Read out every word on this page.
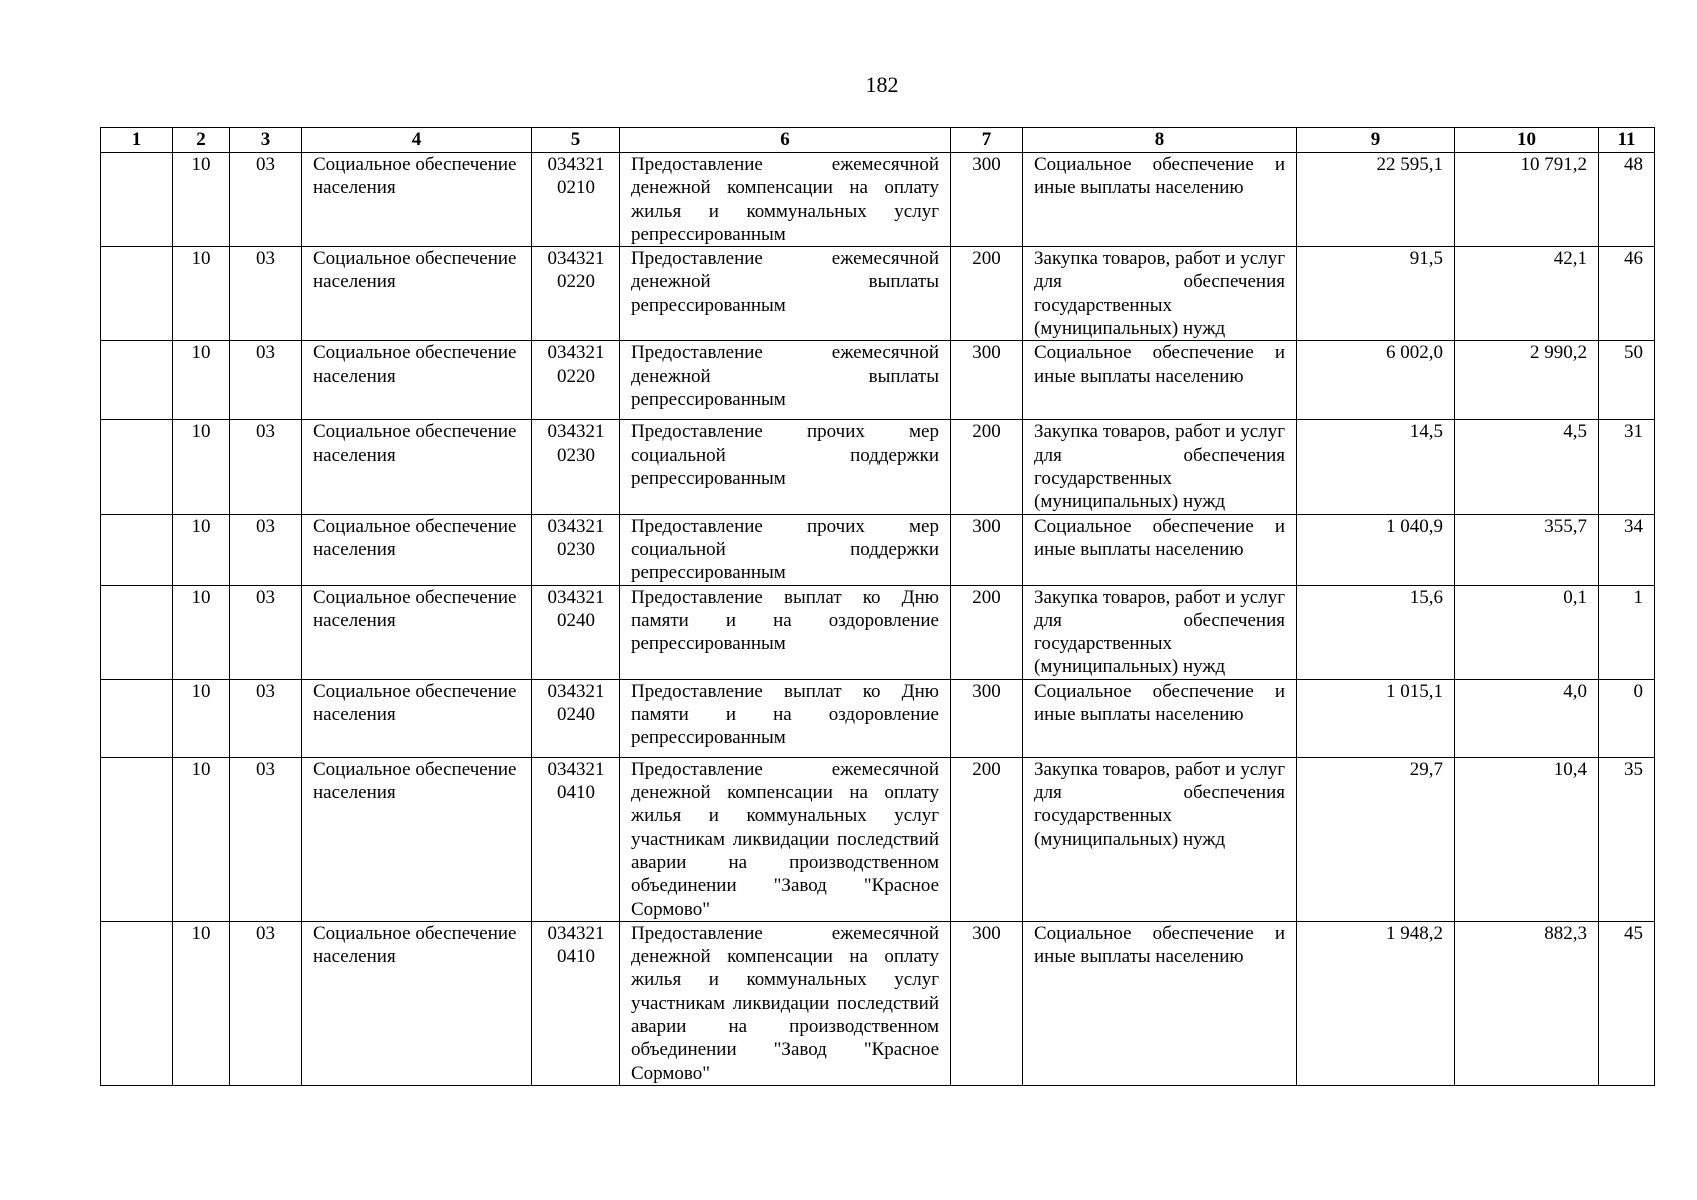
182
1	2	3	4	5	6	7	8	9	10	11
	10	03	Социальное обеспечение населения	0343210210	Предоставление ежемесячной денежной компенсации на оплату жилья и коммунальных услуг репрессированным	300	Социальное обеспечение и иные выплаты населению	22 595,1	10 791,2	48
	10	03	Социальное обеспечение населения	0343210220	Предоставление ежемесячной денежной выплаты репрессированным	200	Закупка товаров, работ и услуг для обеспечения государственных (муниципальных) нужд	91,5	42,1	46
	10	03	Социальное обеспечение населения	0343210220	Предоставление ежемесячной денежной выплаты репрессированным	300	Социальное обеспечение и иные выплаты населению	6 002,0	2 990,2	50
	10	03	Социальное обеспечение населения	0343210230	Предоставление прочих мер социальной поддержки репрессированным	200	Закупка товаров, работ и услуг для обеспечения государственных (муниципальных) нужд	14,5	4,5	31
	10	03	Социальное обеспечение населения	0343210230	Предоставление прочих мер социальной поддержки репрессированным	300	Социальное обеспечение и иные выплаты населению	1 040,9	355,7	34
	10	03	Социальное обеспечение населения	0343210240	Предоставление выплат ко Дню памяти и на оздоровление репрессированным	200	Закупка товаров, работ и услуг для обеспечения государственных (муниципальных) нужд	15,6	0,1	1
	10	03	Социальное обеспечение населения	0343210240	Предоставление выплат ко Дню памяти и на оздоровление репрессированным	300	Социальное обеспечение и иные выплаты населению	1 015,1	4,0	0
	10	03	Социальное обеспечение населения	0343210410	Предоставление ежемесячной денежной компенсации на оплату жилья и коммунальных услуг участникам ликвидации последствий аварии на производственном объединении "Завод "Красное Сормово"	200	Закупка товаров, работ и услуг для обеспечения государственных (муниципальных) нужд	29,7	10,4	35
	10	03	Социальное обеспечение населения	0343210410	Предоставление ежемесячной денежной компенсации на оплату жилья и коммунальных услуг участникам ликвидации последствий аварии на производственном объединении "Завод "Красное Сормово"	300	Социальное обеспечение и иные выплаты населению	1 948,2	882,3	45
